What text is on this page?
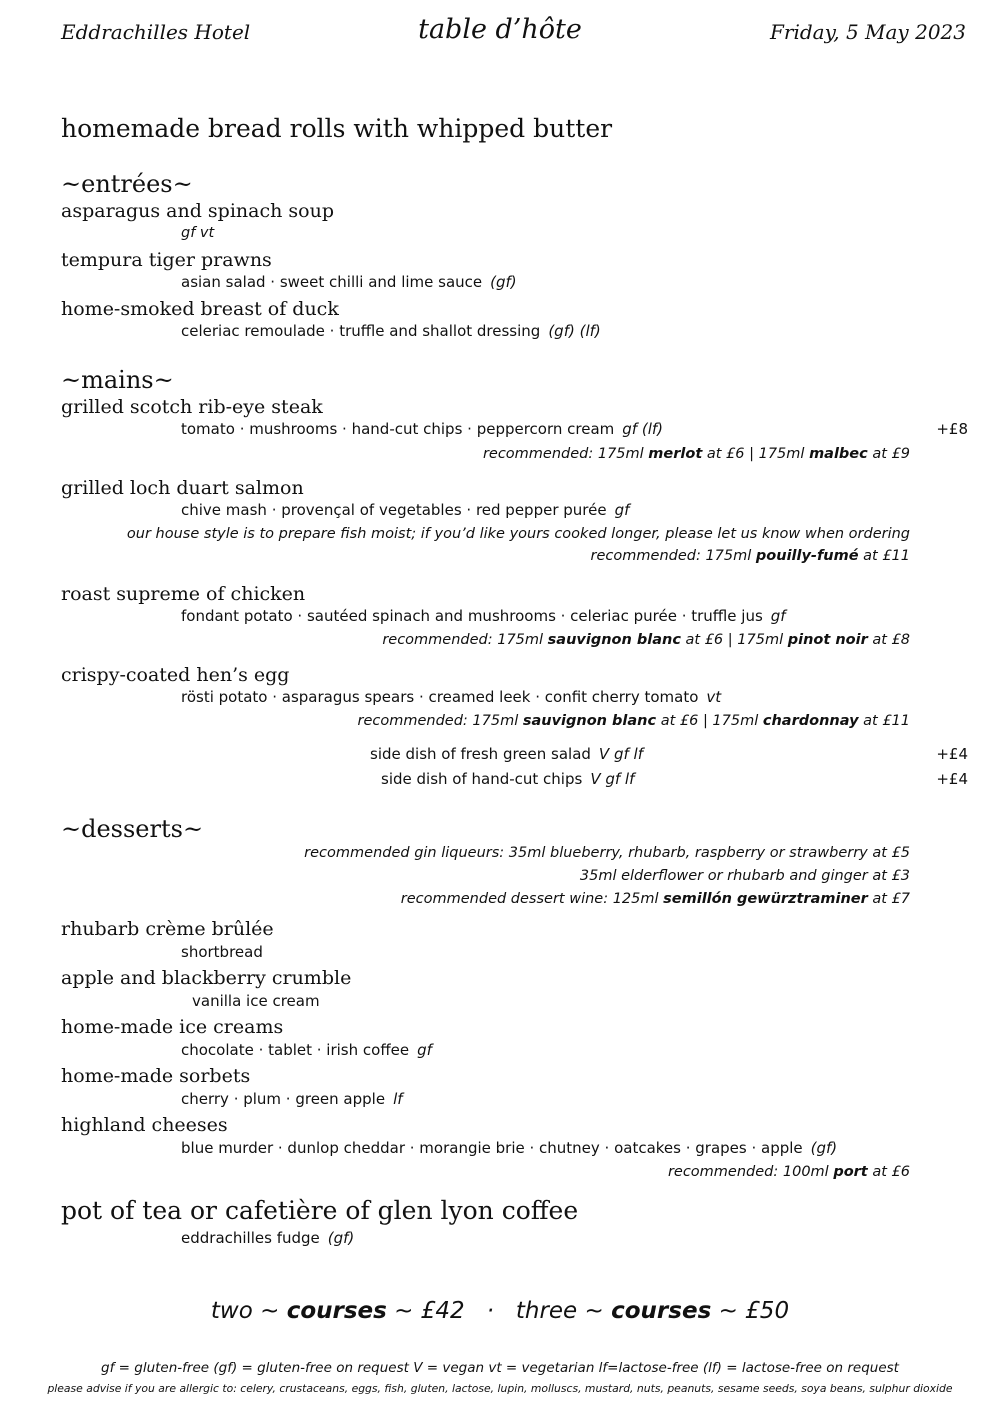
Eddrachilles Hotel	table d’hôte	Friday, 5 May 2023
homemade bread rolls with whipped butter
~entrées~
asparagus and spinach soup
gf vt
tempura tiger prawns
asian salad · sweet chilli and lime sauce (gf)
home-smoked breast of duck
celeriac remoulade · truffle and shallot dressing (gf) (lf)
~mains~
grilled scotch rib-eye steak
tomato · mushrooms · hand-cut chips · peppercorn cream gf (lf)	+£8
recommended: 175ml merlot at £6 | 175ml malbec at £9
grilled loch duart salmon
chive mash · provençal of vegetables · red pepper purée gf
our house style is to prepare fish moist; if you’d like yours cooked longer, please let us know when ordering
recommended: 175ml pouilly-fumé at £11
roast supreme of chicken
fondant potato · sautéed spinach and mushrooms · celeriac purée · truffle jus gf
recommended: 175ml sauvignon blanc at £6 | 175ml pinot noir at £8
crispy-coated hen’s egg
rösti potato · asparagus spears · creamed leek · confit cherry tomato vt
recommended: 175ml sauvignon blanc at £6 | 175ml chardonnay at £11
side dish of fresh green salad V gf lf	+£4
side dish of hand-cut chips V gf lf	+£4
~desserts~
recommended gin liqueurs: 35ml blueberry, rhubarb, raspberry or strawberry at £5
35ml elderflower or rhubarb and ginger at £3
recommended dessert wine: 125ml semillón gewürztraminer at £7
rhubarb crème brûlée
shortbread
apple and blackberry crumble
vanilla ice cream
home-made ice creams
chocolate · tablet · irish coffee gf
home-made sorbets
cherry · plum · green apple lf
highland cheeses
blue murder · dunlop cheddar · morangie brie · chutney · oatcakes · grapes · apple (gf)
recommended: 100ml port at £6
pot of tea or cafetière of glen lyon coffee
eddrachilles fudge (gf)
two ~ courses ~ £42 · three ~ courses ~ £50
gf = gluten-free (gf) = gluten-free on request V = vegan vt = vegetarian lf=lactose-free (lf) = lactose-free on request
please advise if you are allergic to: celery, crustaceans, eggs, fish, gluten, lactose, lupin, molluscs, mustard, nuts, peanuts, sesame seeds, soya beans, sulphur dioxide
